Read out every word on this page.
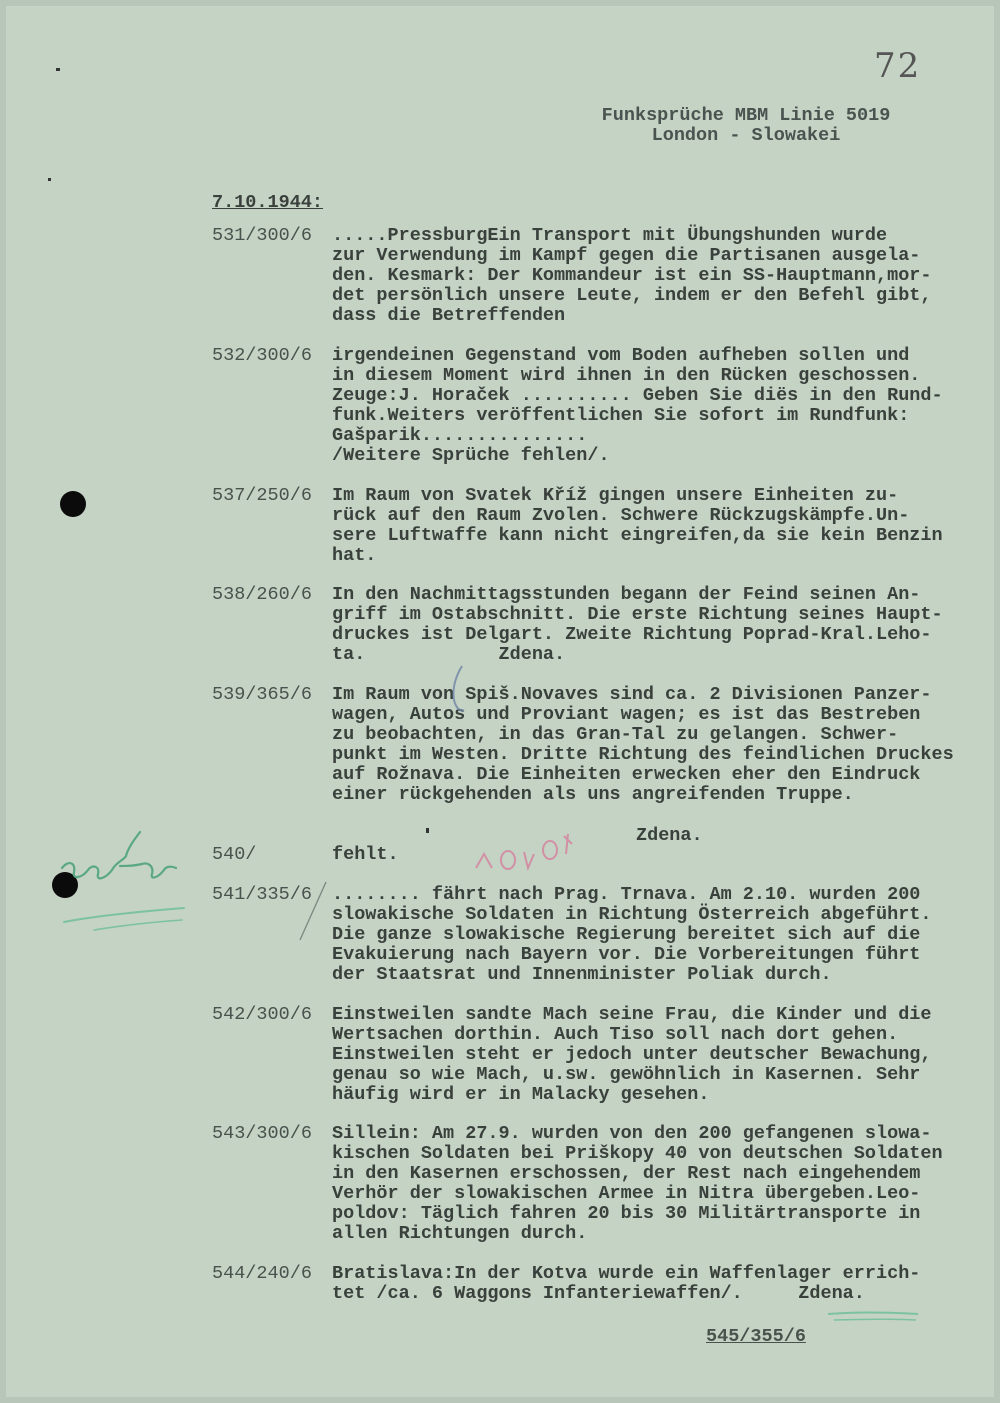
72
Funksprüche MBM Linie 5019
London - Slowakei
7.10.1944:
531/300/6	.....PressburgEin Transport mit Übungshunden wurde
zur Verwendung im Kampf gegen die Partisanen ausgela-
den. Kesmark: Der Kommandeur ist ein SS-Hauptmann,mor-
det persönlich unsere Leute, indem er den Befehl gibt,
dass die Betreffenden
532/300/6	irgendeinen Gegenstand vom Boden aufheben sollen und
in diesem Moment wird ihnen in den Rücken geschossen.
Zeuge:J. Horaček .......... Geben Sie diës in den Rund-
funk.Weiters veröffentlichen Sie sofort im Rundfunk:
Gašparik...............
/Weitere Sprüche fehlen/.
537/250/6	Im Raum von Svatek Kříž gingen unsere Einheiten zu-
rück auf den Raum Zvolen. Schwere Rückzugskämpfe.Un-
sere Luftwaffe kann nicht eingreifen,da sie kein Benzin
hat.
538/260/6	In den Nachmittagsstunden begann der Feind seinen An-
griff im Ostabschnitt. Die erste Richtung seines Haupt-
druckes ist Delgart. Zweite Richtung Poprad-Kral.Leho-
ta.            Zdena.
539/365/6	Im Raum von Spiš.Novaves sind ca. 2 Divisionen Panzer-
wagen, Autos und Proviant wagen; es ist das Bestreben
zu beobachten, in das Gran-Tal zu gelangen. Schwer-
punkt im Westen. Dritte Richtung des feindlichen Druckes
auf Rožnava. Die Einheiten erwecken eher den Eindruck
einer rückgehenden als uns angreifenden Truppe.
Zdena.
540/	fehlt.
541/335/6	........ fährt nach Prag. Trnava. Am 2.10. wurden 200
slowakische Soldaten in Richtung Österreich abgeführt.
Die ganze slowakische Regierung bereitet sich auf die
Evakuierung nach Bayern vor. Die Vorbereitungen führt
der Staatsrat und Innenminister Poliak durch.
542/300/6	Einstweilen sandte Mach seine Frau, die Kinder und die
Wertsachen dorthin. Auch Tiso soll nach dort gehen.
Einstweilen steht er jedoch unter deutscher Bewachung,
genau so wie Mach, u.sw. gewöhnlich in Kasernen. Sehr
häufig wird er in Malacky gesehen.
543/300/6	Sillein: Am 27.9. wurden von den 200 gefangenen slowa-
kischen Soldaten bei Priškopy 40 von deutschen Soldaten
in den Kasernen erschossen, der Rest nach eingehendem
Verhör der slowakischen Armee in Nitra übergeben.Leo-
poldov: Täglich fahren 20 bis 30 Militärtransporte in
allen Richtungen durch.
544/240/6	Bratislava:In der Kotva wurde ein Waffenlager errich-
tet /ca. 6 Waggons Infanteriewaffen/.     Zdena.
545/355/6
